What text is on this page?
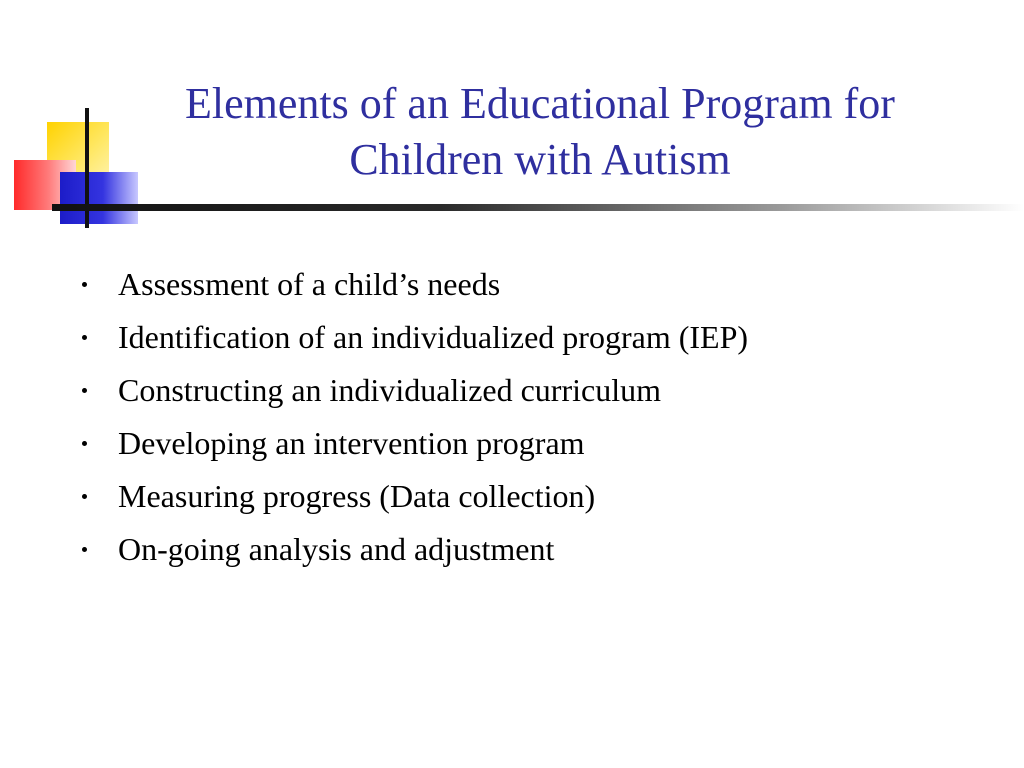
Elements of an Educational Program for
Children with Autism
Assessment of a child’s needs
Identification of an individualized program (IEP)
Constructing an individualized curriculum
Developing an intervention program
Measuring progress (Data collection)
On-going analysis and adjustment
